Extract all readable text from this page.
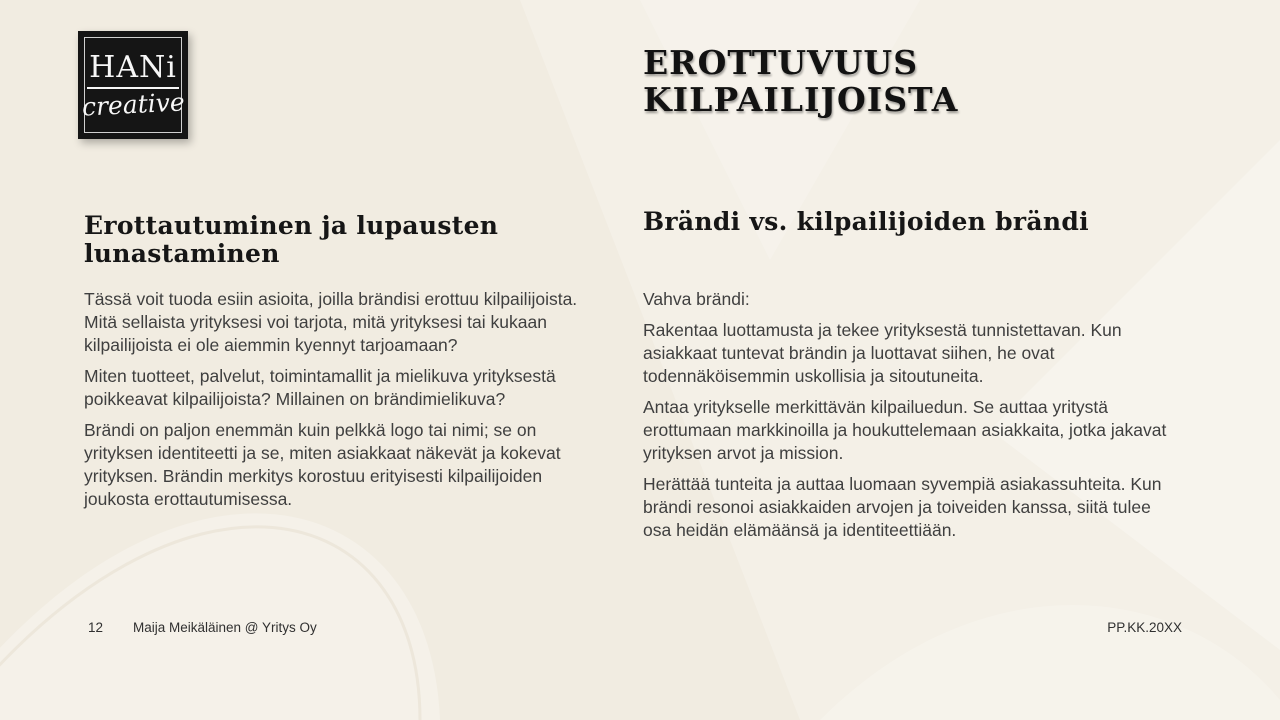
HANi
creative
EROTTUVUUS
KILPAILIJOISTA
Erottautuminen ja lupausten lunastaminen

Tässä voit tuoda esiin asioita, joilla brändisi erottuu kilpailijoista. Mitä sellaista yrityksesi voi tarjota, mitä yrityksesi tai kukaan kilpailijoista ei ole aiemmin kyennyt tarjoamaan?

Miten tuotteet, palvelut, toimintamallit ja mielikuva yrityksestä poikkeavat kilpailijoista? Millainen on brändimielikuva?

Brändi on paljon enemmän kuin pelkkä logo tai nimi; se on yrityksen identiteetti ja se, miten asiakkaat näkevät ja kokevat yrityksen. Brändin merkitys korostuu erityisesti kilpailijoiden joukosta erottautumisessa.

Brändi vs. kilpailijoiden brändi

Vahva brändi:

Rakentaa luottamusta ja tekee yrityksestä tunnistettavan. Kun asiakkaat tuntevat brändin ja luottavat siihen, he ovat todennäköisemmin uskollisia ja sitoutuneita.

Antaa yritykselle merkittävän kilpailuedun. Se auttaa yritystä erottumaan markkinoilla ja houkuttelemaan asiakkaita, jotka jakavat yrityksen arvot ja mission.

Herättää tunteita ja auttaa luomaan syvempiä asiakassuhteita. Kun brändi resonoi asiakkaiden arvojen ja toiveiden kanssa, siitä tulee osa heidän elämäänsä ja identiteettiään.

12 Maija Meikäläinen @ Yritys Oy	PP.KK.20XX
